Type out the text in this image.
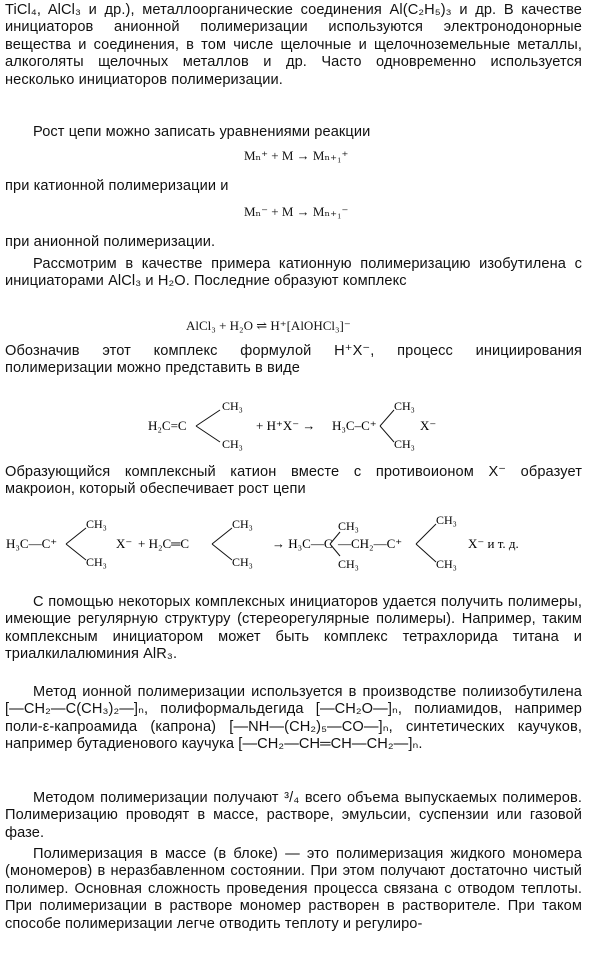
TiCl₄, AlCl₃ и др.), металлоорганические соединения Al(C₂H₅)₃ и др. В качестве инициаторов анионной полимеризации используются электронодонорные вещества и соединения, в том числе щелочные и щелочноземельные металлы, алкоголяты щелочных металлов и др. Часто одновременно используется несколько инициаторов полимеризации.
Рост цепи можно записать уравнениями реакции
Mₙ⁺ + M → Mₙ₊₁⁺
при катионной полимеризации и
Mₙ⁻ + M → Mₙ₊₁⁻
при анионной полимеризации.
Рассмотрим в качестве примера катионную полимеризацию изобутилена с инициаторами AlCl₃ и H₂O. Последние образуют комплекс
AlCl₃ + H₂O ⇌ H⁺[AlOHCl₃]⁻
Обозначив этот комплекс формулой H⁺X⁻, процесс инициирования полимеризации можно представить в виде
H₂C=C
CH₃
CH₃
+ H⁺X⁻ → H₃C–C⁺
CH₃
CH₃
X⁻
Образующийся комплексный катион вместе с противоионом X⁻ образует макроион, который обеспечивает рост цепи
H₃C—C⁺
CH₃
CH₃
X⁻ + H₂C═C
CH₃
CH₃
→ H₃C—C
CH₃
CH₃
—CH₂—C⁺
CH₃
CH₃
X⁻ и т. д.
С помощью некоторых комплексных инициаторов удается получить полимеры, имеющие регулярную структуру (стереорегулярные полимеры). Например, таким комплексным инициатором может быть комплекс тетрахлорида титана и триалкилалюминия AlR₃.
Метод ионной полимеризации используется в производстве полиизобутилена [—CH₂—C(CH₃)₂—]ₙ, полиформальдегида [—CH₂O—]ₙ, полиамидов, например поли-ε-капроамида (капрона) [—NH—(CH₂)₅—CO—]ₙ, синтетических каучуков, например бутадиенового каучука [—CH₂—CH═CH—CH₂—]ₙ.
Методом полимеризации получают ³/₄ всего объема выпускаемых полимеров. Полимеризацию проводят в массе, растворе, эмульсии, суспензии или газовой фазе.
Полимеризация в массе (в блоке) — это полимеризация жидкого мономера (мономеров) в неразбавленном состоянии. При этом получают достаточно чистый полимер. Основная сложность проведения процесса связана с отводом теплоты. При полимеризации в растворе мономер растворен в растворителе. При таком способе полимеризации легче отводить теплоту и регулиро-
